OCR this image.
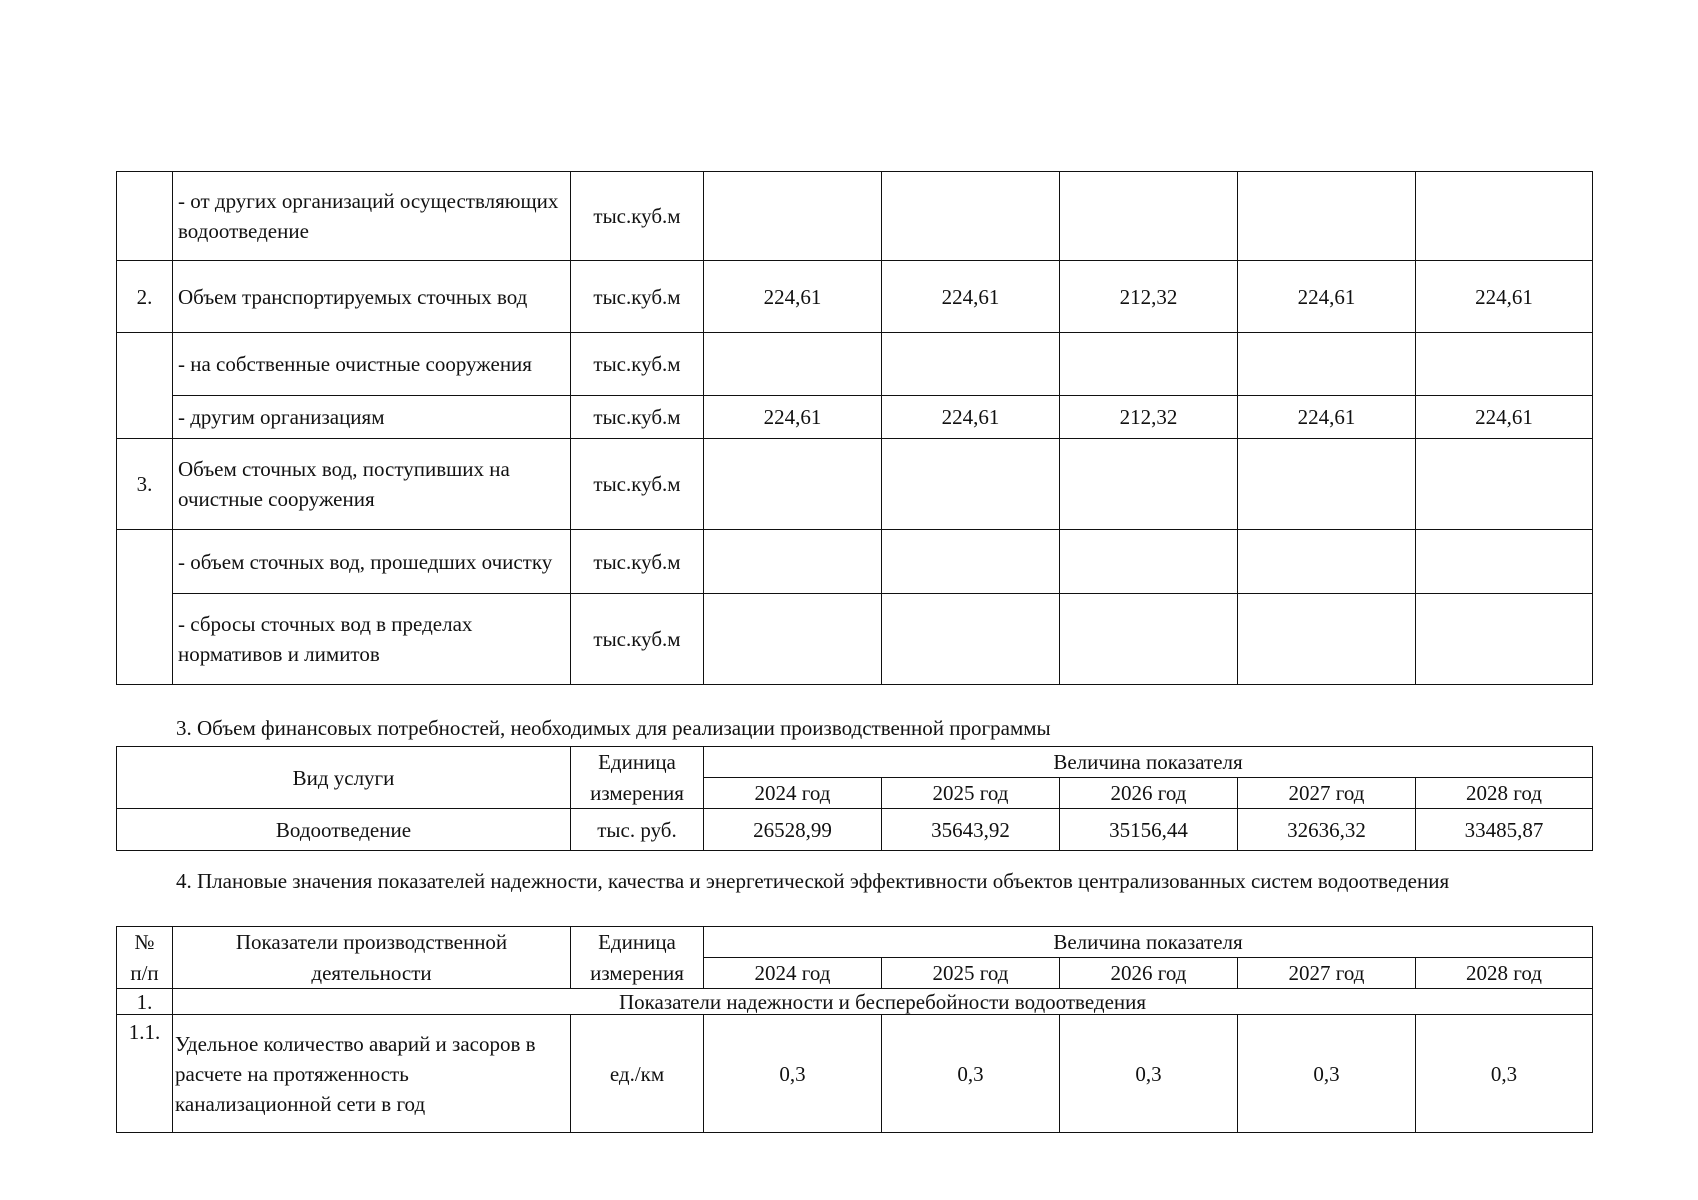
	- от других организаций осуществляющих водоотведение	тыс.куб.м					
2.	Объем транспортируемых сточных вод	тыс.куб.м	224,61	224,61	212,32	224,61	224,61
	- на собственные очистные сооружения	тыс.куб.м					
	- другим организациям	тыс.куб.м	224,61	224,61	212,32	224,61	224,61
3.	Объем сточных вод, поступивших на очистные сооружения	тыс.куб.м					
	- объем сточных вод, прошедших очистку	тыс.куб.м					
	- сбросы сточных вод в пределах нормативов и лимитов	тыс.куб.м					
3. Объем финансовых потребностей, необходимых для реализации производственной программы
Вид услуги	Единица	Величина показателя				
	измерения	2024 год	2025 год	2026 год	2027 год	2028 год
Водоотведение	тыс. руб.	26528,99	35643,92	35156,44	32636,32	33485,87
4. Плановые значения показателей надежности, качества и энергетической эффективности объектов централизованных систем водоотведения
№	Показатели производственной	Единица	Величина показателя				
п/п	деятельности	измерения	2024 год	2025 год	2026 год	2027 год	2028 год
1.	Показатели надежности и бесперебойности водоотведения						
1.1.	Удельное количество аварий и засоров в расчете на протяженность канализационной сети в год	ед./км	0,3	0,3	0,3	0,3	0,3
